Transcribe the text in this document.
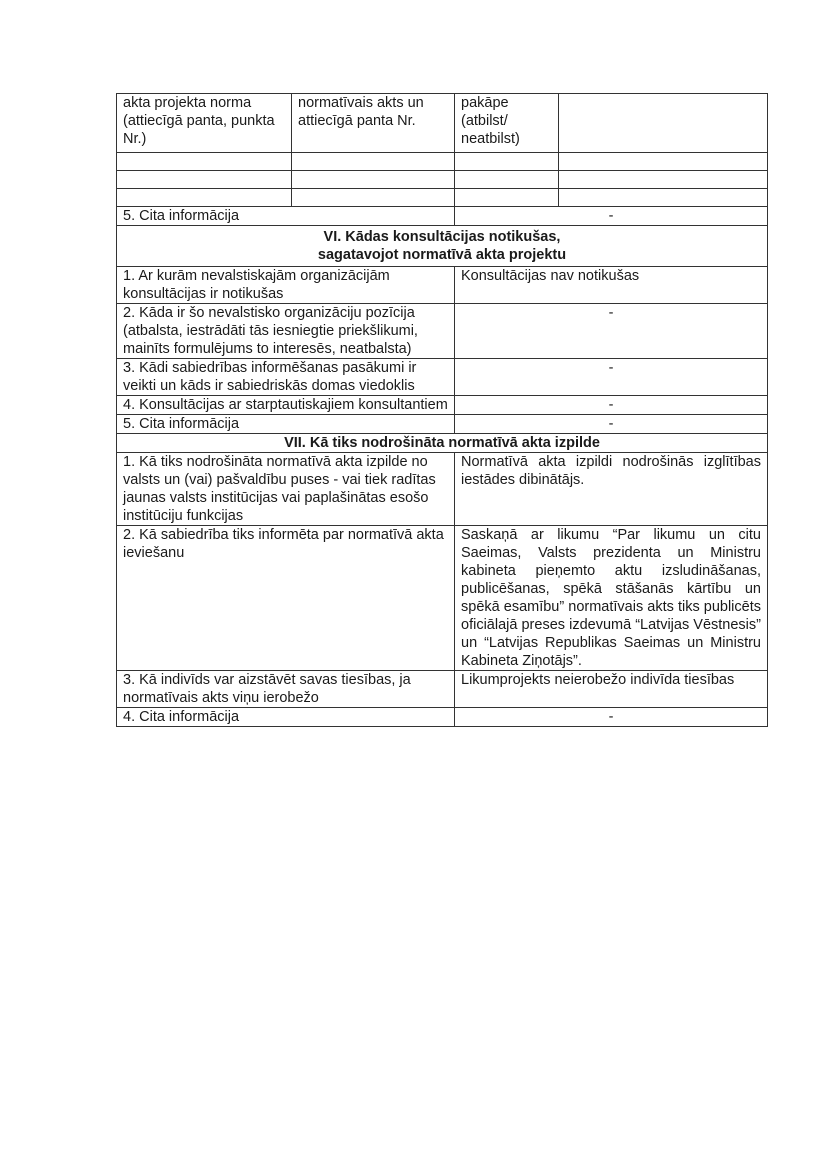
akta projekta norma (attiecīgā panta, punkta Nr.)	normatīvais akts un attiecīgā panta Nr.	pakāpe (atbilst/ neatbilst)	

5. Cita informācija		-	

VI. Kādas konsultācijas notikušas,
sagatavojot normatīvā akta projektu			

1. Ar kurām nevalstiskajām organizācijām konsultācijas ir notikušas		Konsultācijas nav notikušas	
2. Kāda ir šo nevalstisko organizāciju pozīcija (atbalsta, iestrādāti tās iesniegtie priekšlikumi, mainīts formulējums to interesēs, neatbalsta)		-	
3. Kādi sabiedrības informēšanas pasākumi ir veikti un kāds ir sabiedriskās domas viedoklis		-	
4. Konsultācijas ar starptautiskajiem konsultantiem		-	
5. Cita informācija		-	
VII. Kā tiks nodrošināta normatīvā akta izpilde			
1. Kā tiks nodrošināta normatīvā akta izpilde no valsts un (vai) pašvaldību puses - vai tiek radītas jaunas valsts institūcijas vai paplašinātas esošo institūciju funkcijas		Normatīvā akta izpildi nodrošinās izglītības iestādes dibinātājs.	
2. Kā sabiedrība tiks informēta par normatīvā akta ieviešanu		Saskaņā ar likumu “Par likumu un citu Saeimas, Valsts prezidenta un Ministru kabineta pieņemto aktu izsludināšanas, publicēšanas, spēkā stāšanās kārtību un spēkā esamību” normatīvais akts tiks publicēts oficiālajā preses izdevumā “Latvijas Vēstnesis” un “Latvijas Republikas Saeimas un Ministru Kabineta Ziņotājs”.	
3. Kā indivīds var aizstāvēt savas tiesības, ja normatīvais akts viņu ierobežo		Likumprojekts neierobežo indivīda tiesības	
4. Cita informācija		-	
